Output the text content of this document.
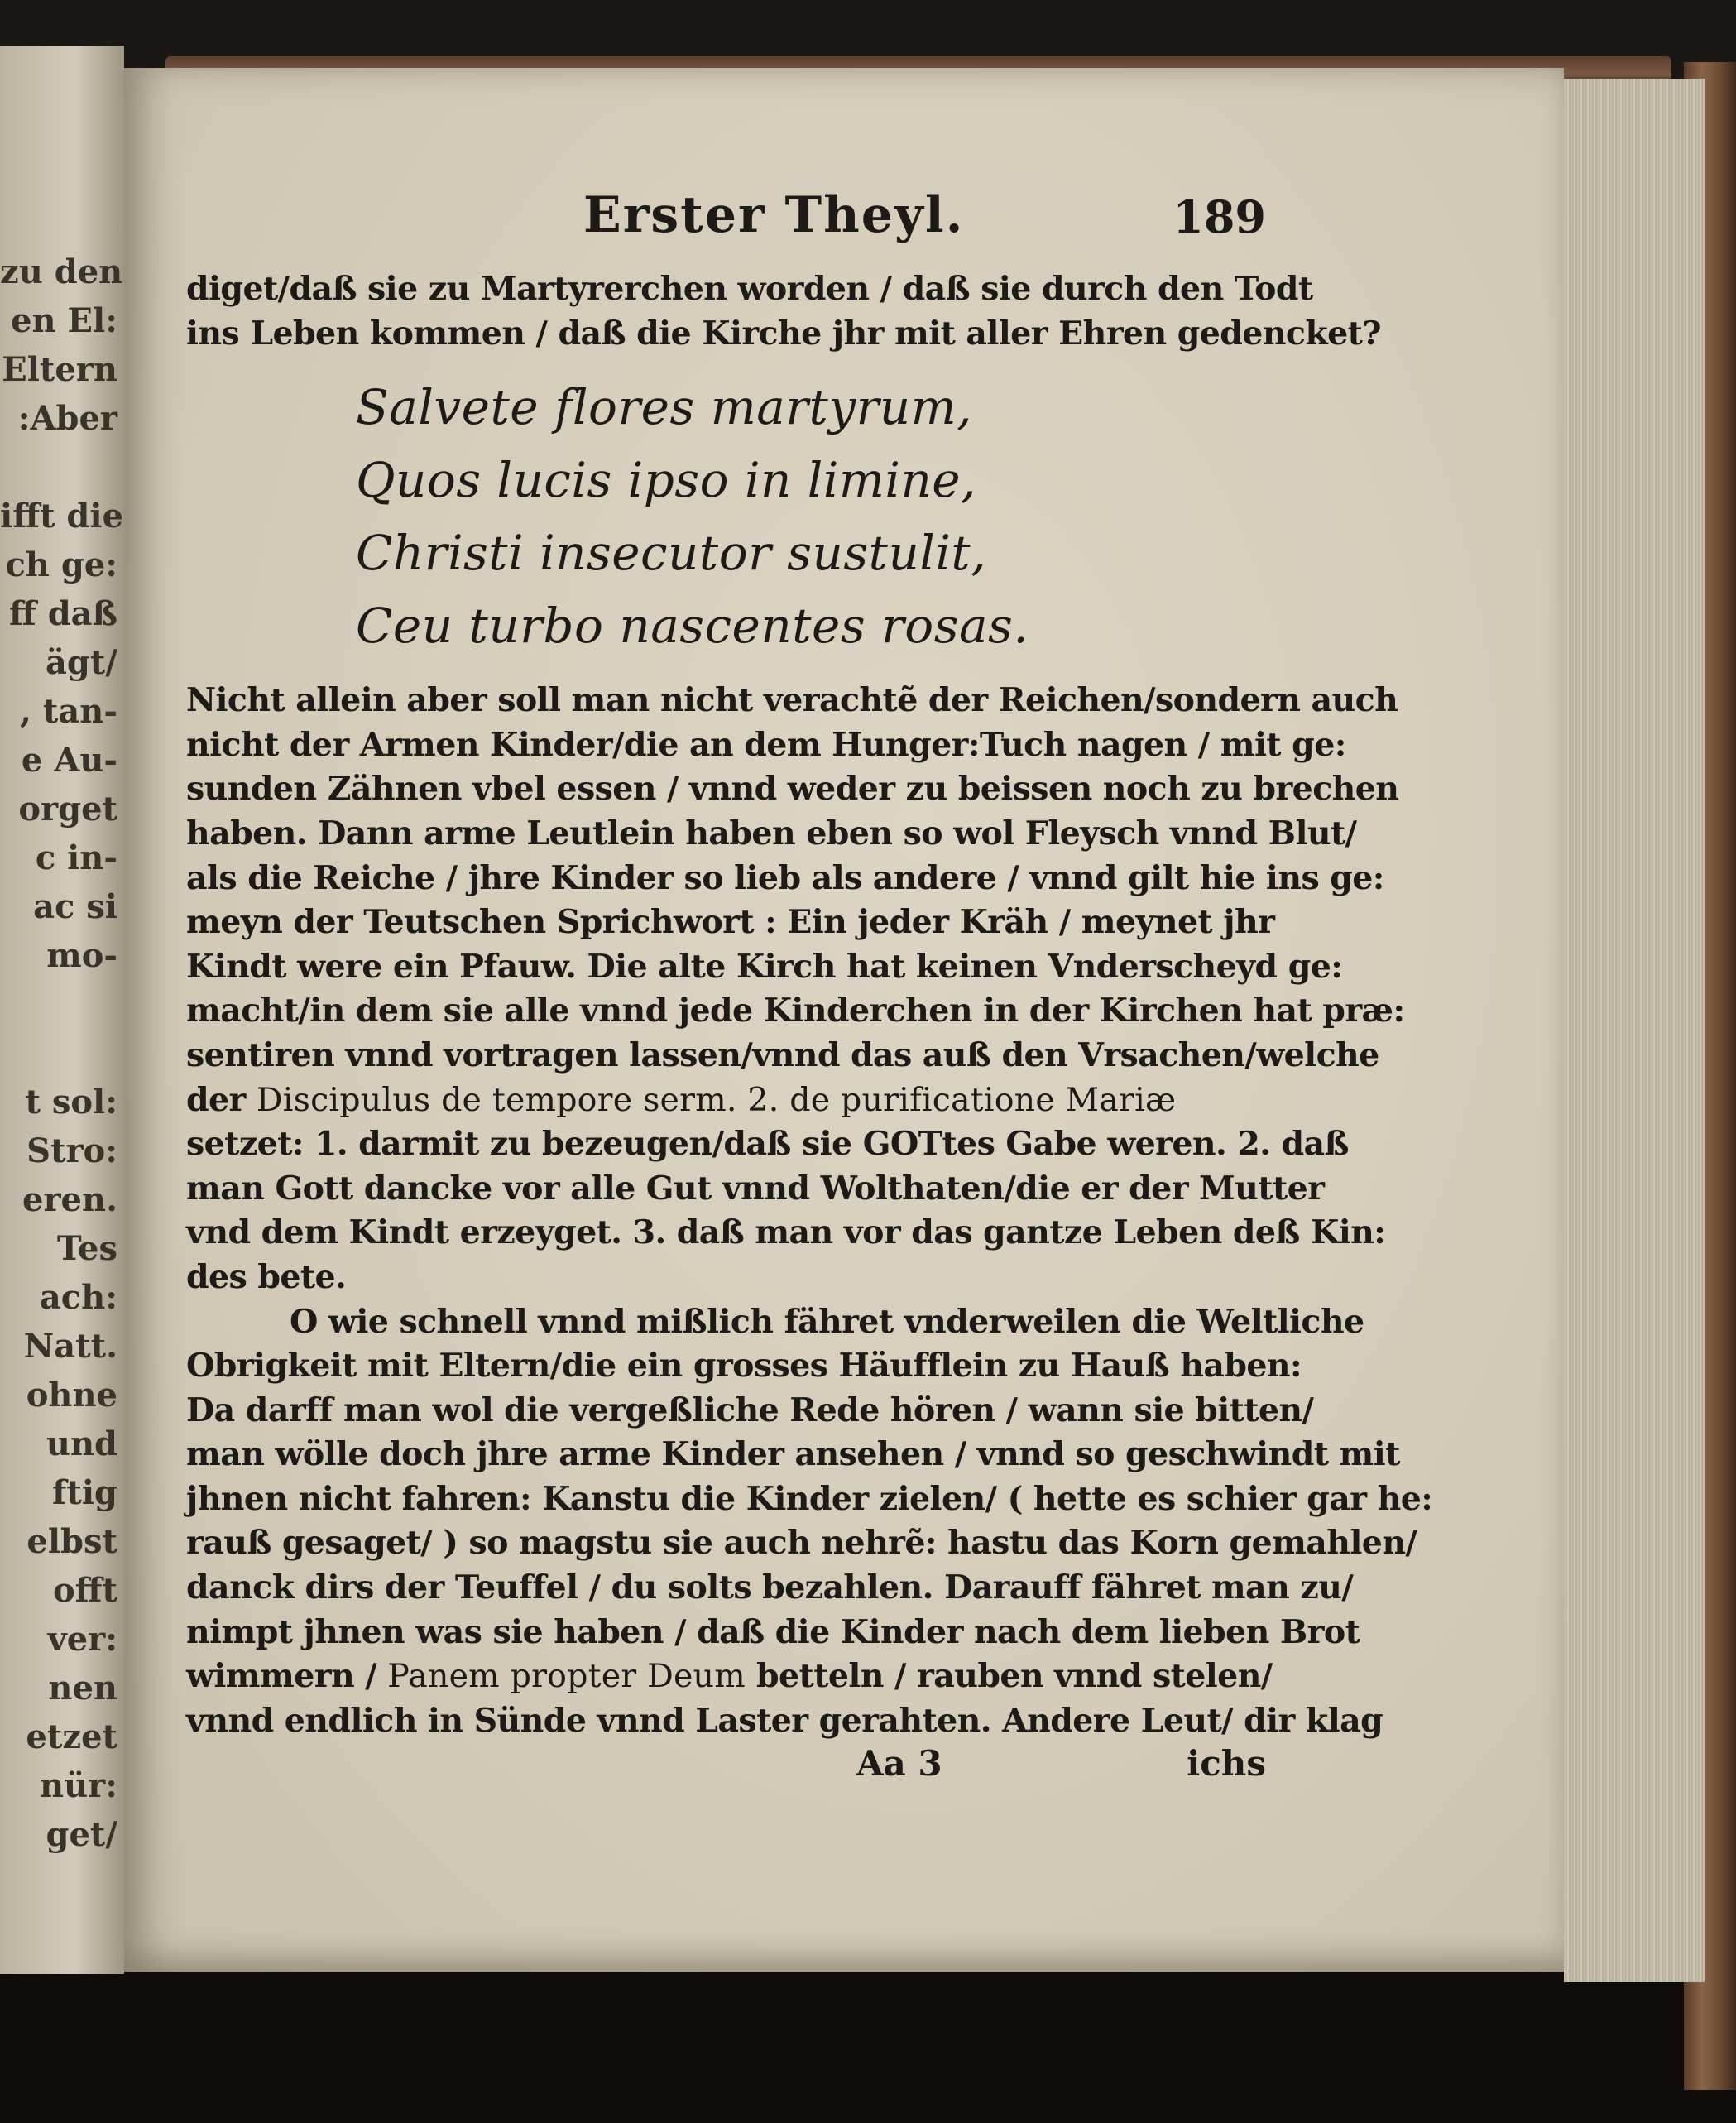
zu den
en El:
Eltern
:Aber
ifft die
ch ge:
ff daß
ägt/
, tan-
e Au-
orget
c in-
ac si
mo-
t sol:
Stro:
eren.
Tes
ach:
Natt.
ohne
und
ftig
elbst
offt
ver:
nen
etzet
nür:
get/
Erster Theyl.	189
diget/daß sie zu Martyrerchen worden / daß sie durch den Todt
ins Leben kommen / daß die Kirche jhr mit aller Ehren gedencket?
Salvete flores martyrum,
Quos lucis ipso in limine,
Christi insecutor sustulit,
Ceu turbo nascentes rosas.
Nicht allein aber soll man nicht verachtẽ der Reichen/sondern auch
nicht der Armen Kinder/die an dem Hunger:Tuch nagen / mit ge:
sunden Zähnen vbel essen / vnnd weder zu beissen noch zu brechen
haben. Dann arme Leutlein haben eben so wol Fleysch vnnd Blut/
als die Reiche / jhre Kinder so lieb als andere / vnnd gilt hie ins ge:
meyn der Teutschen Sprichwort : Ein jeder Kräh / meynet jhr
Kindt were ein Pfauw. Die alte Kirch hat keinen Vnderscheyd ge:
macht/in dem sie alle vnnd jede Kinderchen in der Kirchen hat præ:
sentiren vnnd vortragen lassen/vnnd das auß den Vrsachen/welche
der Discipulus de tempore serm. 2. de purificatione Mariæ
setzet: 1. darmit zu bezeugen/daß sie GOTtes Gabe weren. 2. daß
man Gott dancke vor alle Gut vnnd Wolthaten/die er der Mutter
vnd dem Kindt erzeyget. 3. daß man vor das gantze Leben deß Kin:
des bete.
O wie schnell vnnd mißlich fähret vnderweilen die Weltliche
Obrigkeit mit Eltern/die ein grosses Häufflein zu Hauß haben:
Da darff man wol die vergeßliche Rede hören / wann sie bitten/
man wölle doch jhre arme Kinder ansehen / vnnd so geschwindt mit
jhnen nicht fahren: Kanstu die Kinder zielen/ ( hette es schier gar he:
rauß gesaget/ ) so magstu sie auch nehrẽ: hastu das Korn gemahlen/
danck dirs der Teuffel / du solts bezahlen. Darauff fähret man zu/
nimpt jhnen was sie haben / daß die Kinder nach dem lieben Brot
wimmern / Panem propter Deum betteln / rauben vnnd stelen/
vnnd endlich in Sünde vnnd Laster gerahten. Andere Leut/ dir klag
Aa 3	ichs
